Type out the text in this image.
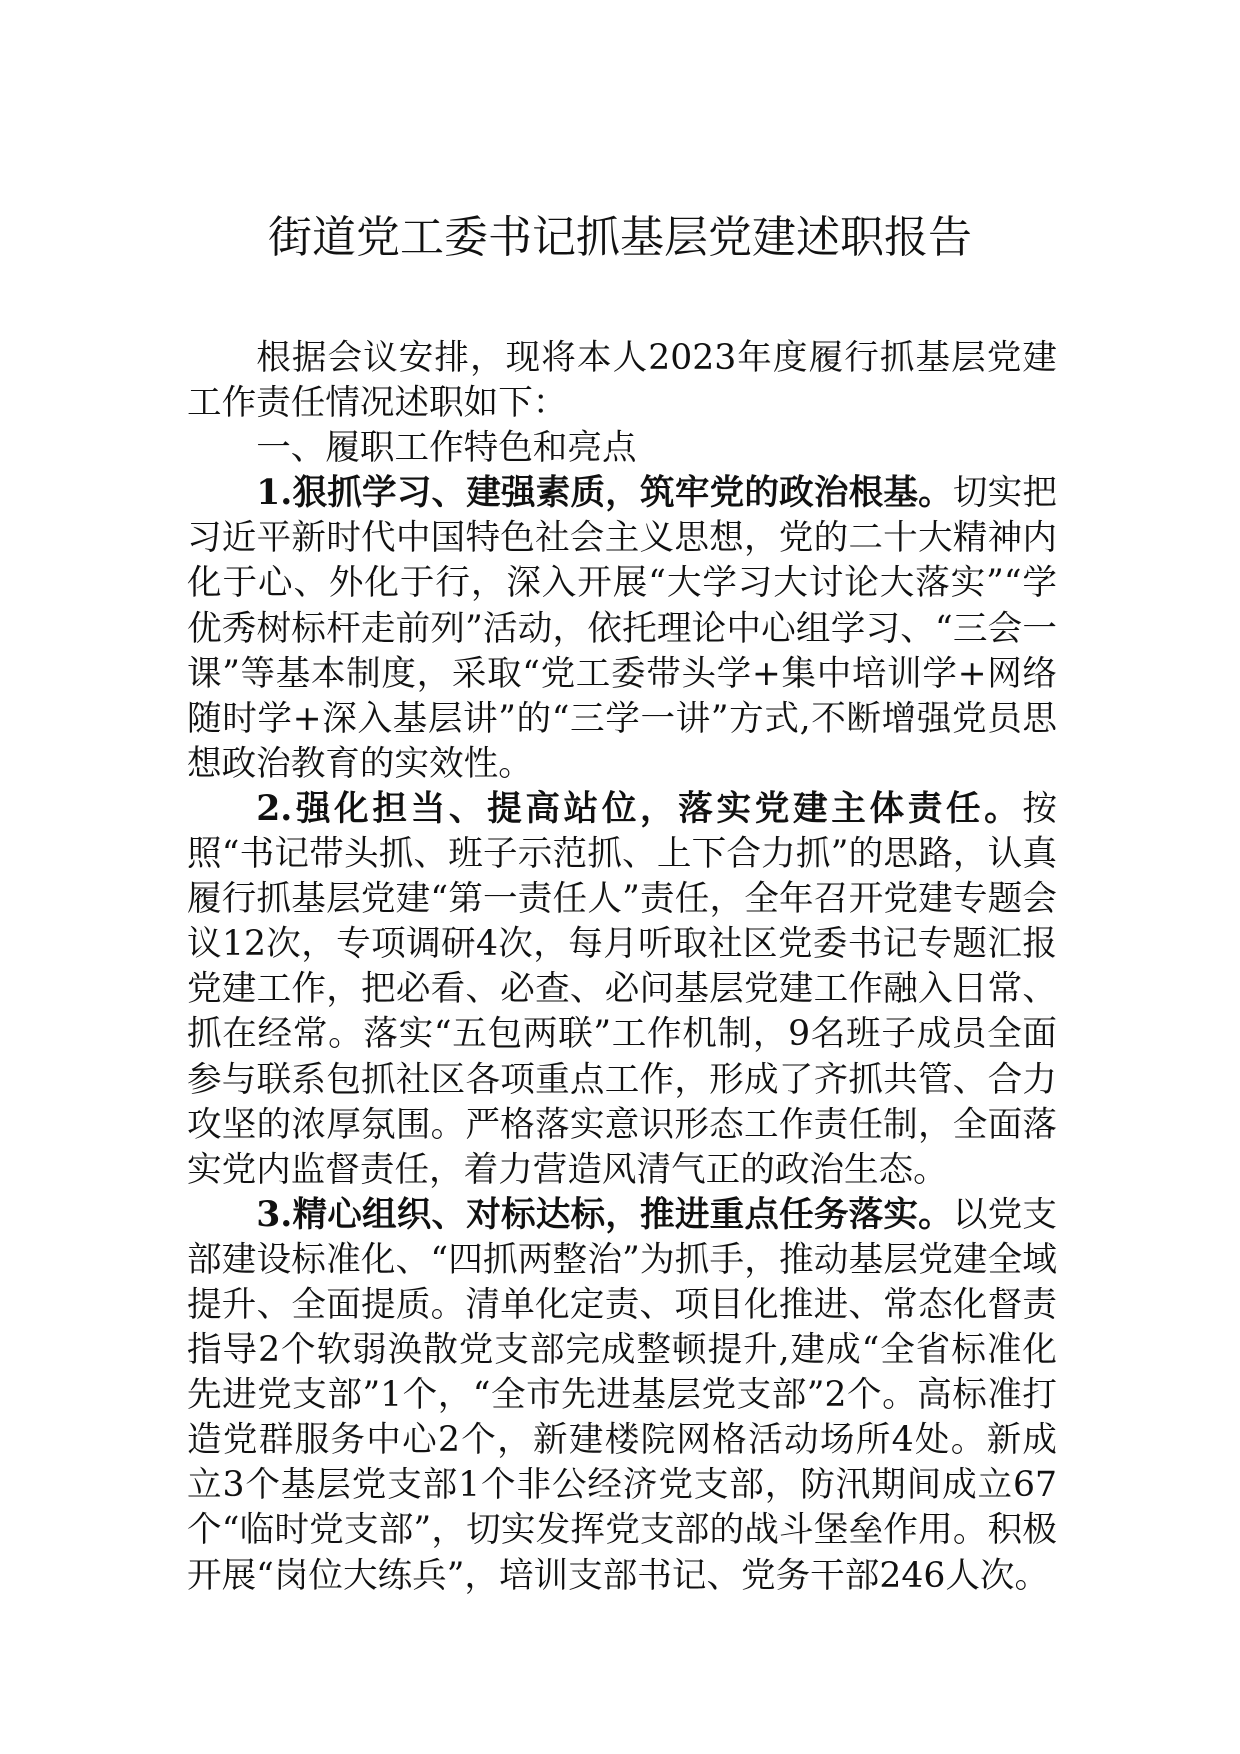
街道党工委书记抓基层党建述职报告

根据会议安排，现将本人2023年度履行抓基层党建工作责任情况述职如下：

一、履职工作特色和亮点

1.狠抓学习、建强素质，筑牢党的政治根基。切实把习近平新时代中国特色社会主义思想，党的二十大精神内化于心、外化于行，深入开展“大学习大讨论大落实”“学优秀树标杆走前列”活动，依托理论中心组学习、“三会一课”等基本制度，采取“党工委带头学+集中培训学+网络随时学+深入基层讲”的“三学一讲”方式,不断增强党员思想政治教育的实效性。

2.强化担当、提高站位，落实党建主体责任。按照“书记带头抓、班子示范抓、上下合力抓”的思路，认真履行抓基层党建“第一责任人”责任，全年召开党建专题会议12次，专项调研4次，每月听取社区党委书记专题汇报党建工作，把必看、必查、必问基层党建工作融入日常、抓在经常。落实“五包两联”工作机制，9名班子成员全面参与联系包抓社区各项重点工作，形成了齐抓共管、合力攻坚的浓厚氛围。严格落实意识形态工作责任制，全面落实党内监督责任，着力营造风清气正的政治生态。

3.精心组织、对标达标，推进重点任务落实。以党支部建设标准化、“四抓两整治”为抓手，推动基层党建全域提升、全面提质。清单化定责、项目化推进、常态化督责指导2个软弱涣散党支部完成整顿提升,建成“全省标准化先进党支部”1个，“全市先进基层党支部”2个。高标准打造党群服务中心2个，新建楼院网格活动场所4处。新成立3个基层党支部1个非公经济党支部，防汛期间成立67个“临时党支部”，切实发挥党支部的战斗堡垒作用。积极开展“岗位大练兵”，培训支部书记、党务干部246人次。
